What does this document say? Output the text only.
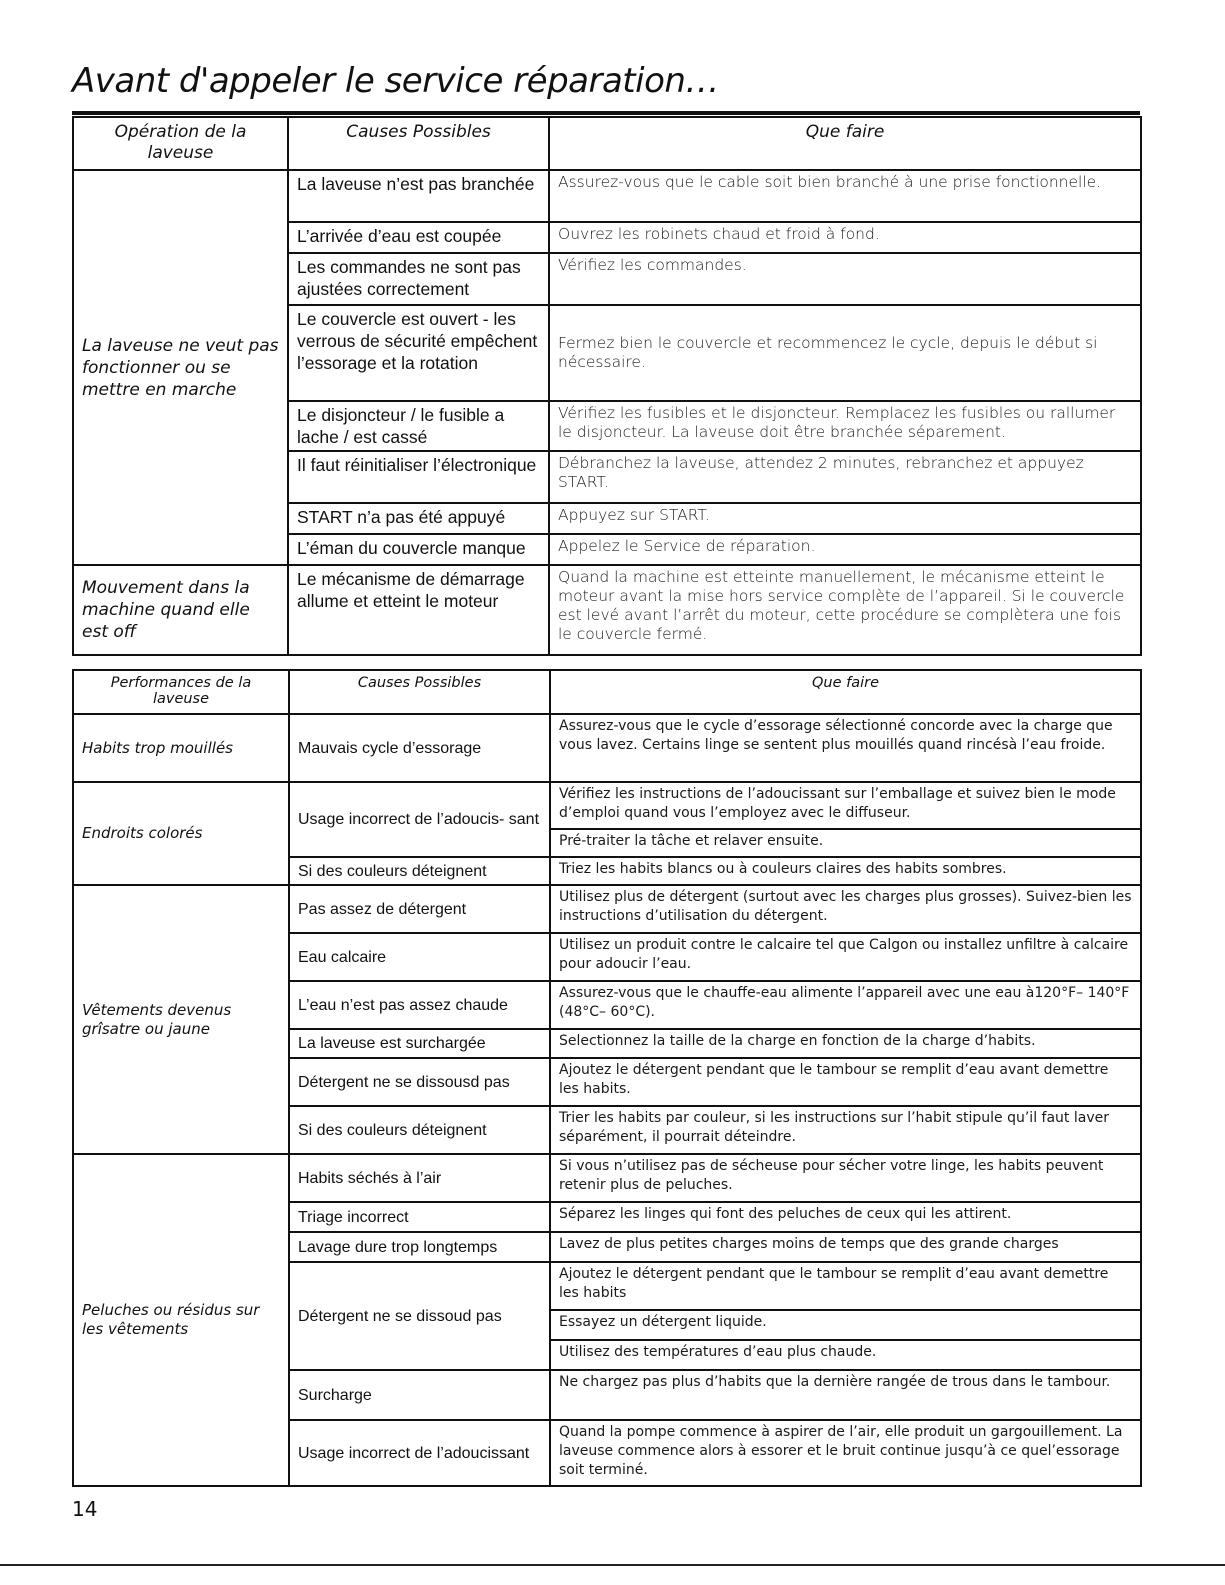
Avant d'appeler le service réparation…
Opération de la laveuse	Causes Possibles	Que faire
La laveuse ne veut pas fonctionner ou se mettre en marche	La laveuse n’est pas branchée	Assurez-vous que le cable soit bien branché à une prise fonctionnelle.
	L’arrivée d’eau est coupée	Ouvrez les robinets chaud et froid à fond.
	Les commandes ne sont pas ajustées correctement	Vérifiez les commandes.
	Le couvercle est ouvert - les verrous de sécurité empêchent l’essorage et la rotation	Fermez bien le couvercle et recommencez le cycle, depuis le début si nécessaire.
	Le disjoncteur / le fusible a lache / est cassé	Vérifiez les fusibles et le disjoncteur. Remplacez les fusibles ou rallumer le disjoncteur. La laveuse doit être branchée séparement.
	Il faut réinitialiser l’électronique	Débranchez la laveuse, attendez 2 minutes, rebranchez et appuyez START.
	START n’a pas été appuyé	Appuyez sur START.
	L’éman du couvercle manque	Appelez le Service de réparation.
Mouvement dans la machine quand elle est off	Le mécanisme de démarrage allume et etteint le moteur	Quand la machine est etteinte manuellement, le mécanisme etteint le moteur avant la mise hors service complète de l’appareil. Si le couvercle est levé avant l’arrêt du moteur, cette procédure se complètera une fois le couvercle fermé.
Performances de la laveuse	Causes Possibles	Que faire
Habits trop mouillés	Mauvais cycle d’essorage	Assurez-vous que le cycle d’essorage sélectionné concorde avec la charge que vous lavez. Certains linge se sentent plus mouillés quand rincésà l’eau froide.
Endroits colorés	Usage incorrect de l’adoucis- sant	Vérifiez les instructions de l’adoucissant sur l’emballage et suivez bien le mode d’emploi quand vous l’employez avec le diffuseur.
		Pré-traiter la tâche et relaver ensuite.
	Si des couleurs déteignent	Triez les habits blancs ou à couleurs claires des habits sombres.
Vêtements devenus grîsatre ou jaune	Pas assez de détergent	Utilisez plus de détergent (surtout avec les charges plus grosses). Suivez-bien les instructions d’utilisation du détergent.
	Eau calcaire	Utilisez un produit contre le calcaire tel que Calgon ou installez unfiltre à calcaire pour adoucir l’eau.
	L’eau n’est pas assez chaude	Assurez-vous que le chauffe-eau alimente l’appareil avec une eau à120°F– 140°F (48°C– 60°C).
	La laveuse est surchargée	Selectionnez la taille de la charge en fonction de la charge d’habits.
	Détergent ne se dissousd pas	Ajoutez le détergent pendant que le tambour se remplit d’eau avant demettre les habits.
	Si des couleurs déteignent	Trier les habits par couleur, si les instructions sur l’habit stipule qu’il faut laver séparément, il pourrait déteindre.
Peluches ou résidus sur les vêtements	Habits séchés à l’air	Si vous n’utilisez pas de sécheuse pour sécher votre linge, les habits peuvent retenir plus de peluches.
	Triage incorrect	Séparez les linges qui font des peluches de ceux qui les attirent.
	Lavage dure trop longtemps	Lavez de plus petites charges moins de temps que des grande charges
	Détergent ne se dissoud pas	Ajoutez le détergent pendant que le tambour se remplit d’eau avant demettre les habits
		Essayez un détergent liquide.
		Utilisez des températures d’eau plus chaude.
	Surcharge	Ne chargez pas plus d’habits que la dernière rangée de trous dans le tambour.
	Usage incorrect de l’adoucissant	Quand la pompe commence à aspirer de l’air, elle produit un gargouillement. La laveuse commence alors à essorer et le bruit continue jusqu’à ce quel’essorage soit terminé.
14
